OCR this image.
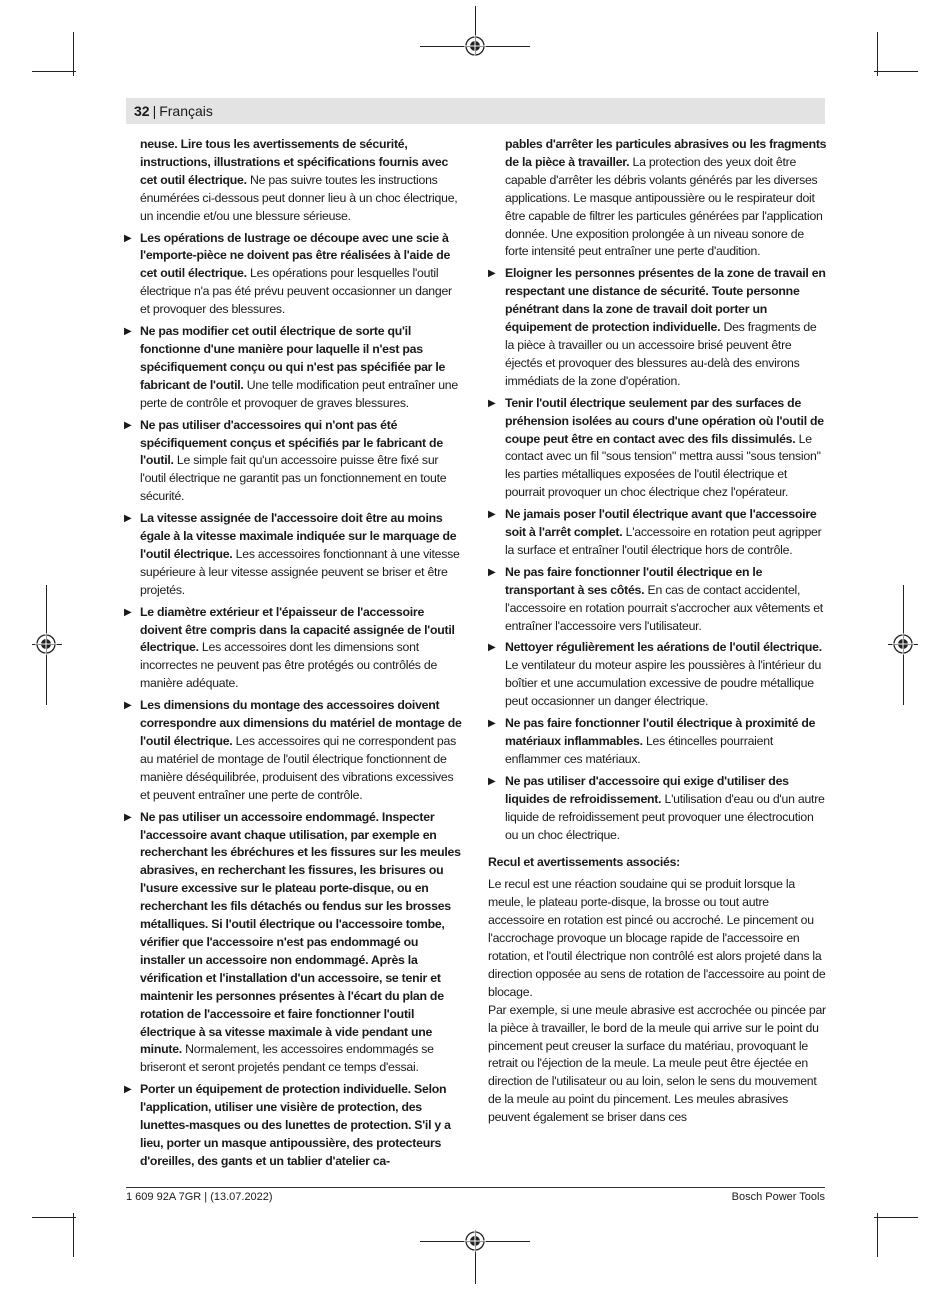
32 | Français
neuse. Lire tous les avertissements de sécurité, instructions, illustrations et spécifications fournis avec cet outil électrique. Ne pas suivre toutes les instructions énumérées ci-dessous peut donner lieu à un choc électrique, un incendie et/ou une blessure sérieuse.
▶ Les opérations de lustrage oe découpe avec une scie à l'emporte-pièce ne doivent pas être réalisées à l'aide de cet outil électrique. Les opérations pour lesquelles l'outil électrique n'a pas été prévu peuvent occasionner un danger et provoquer des blessures.
▶ Ne pas modifier cet outil électrique de sorte qu'il fonctionne d'une manière pour laquelle il n'est pas spécifiquement conçu ou qui n'est pas spécifiée par le fabricant de l'outil. Une telle modification peut entraîner une perte de contrôle et provoquer de graves blessures.
▶ Ne pas utiliser d'accessoires qui n'ont pas été spécifiquement conçus et spécifiés par le fabricant de l'outil. Le simple fait qu'un accessoire puisse être fixé sur l'outil électrique ne garantit pas un fonctionnement en toute sécurité.
▶ La vitesse assignée de l'accessoire doit être au moins égale à la vitesse maximale indiquée sur le marquage de l'outil électrique. Les accessoires fonctionnant à une vitesse supérieure à leur vitesse assignée peuvent se briser et être projetés.
▶ Le diamètre extérieur et l'épaisseur de l'accessoire doivent être compris dans la capacité assignée de l'outil électrique. Les accessoires dont les dimensions sont incorrectes ne peuvent pas être protégés ou contrôlés de manière adéquate.
▶ Les dimensions du montage des accessoires doivent correspondre aux dimensions du matériel de montage de l'outil électrique. Les accessoires qui ne correspondent pas au matériel de montage de l'outil électrique fonctionnent de manière déséquilibrée, produisent des vibrations excessives et peuvent entraîner une perte de contrôle.
▶ Ne pas utiliser un accessoire endommagé. Inspecter l'accessoire avant chaque utilisation, par exemple en recherchant les ébréchures et les fissures sur les meules abrasives, en recherchant les fissures, les brisures ou l'usure excessive sur le plateau porte-disque, ou en recherchant les fils détachés ou fendus sur les brosses métalliques. Si l'outil électrique ou l'accessoire tombe, vérifier que l'accessoire n'est pas endommagé ou installer un accessoire non endommagé. Après la vérification et l'installation d'un accessoire, se tenir et maintenir les personnes présentes à l'écart du plan de rotation de l'accessoire et faire fonctionner l'outil électrique à sa vitesse maximale à vide pendant une minute. Normalement, les accessoires endommagés se briseront et seront projetés pendant ce temps d'essai.
▶ Porter un équipement de protection individuelle. Selon l'application, utiliser une visière de protection, des lunettes-masques ou des lunettes de protection. S'il y a lieu, porter un masque antipoussière, des protecteurs d'oreilles, des gants et un tablier d'atelier ca-
pables d'arrêter les particules abrasives ou les fragments de la pièce à travailler. La protection des yeux doit être capable d'arrêter les débris volants générés par les diverses applications. Le masque antipoussière ou le respirateur doit être capable de filtrer les particules générées par l'application donnée. Une exposition prolongée à un niveau sonore de forte intensité peut entraîner une perte d'audition.
▶ Eloigner les personnes présentes de la zone de travail en respectant une distance de sécurité. Toute personne pénétrant dans la zone de travail doit porter un équipement de protection individuelle. Des fragments de la pièce à travailler ou un accessoire brisé peuvent être éjectés et provoquer des blessures au-delà des environs immédiats de la zone d'opération.
▶ Tenir l'outil électrique seulement par des surfaces de préhension isolées au cours d'une opération où l'outil de coupe peut être en contact avec des fils dissimulés. Le contact avec un fil "sous tension" mettra aussi "sous tension" les parties métalliques exposées de l'outil électrique et pourrait provoquer un choc électrique chez l'opérateur.
▶ Ne jamais poser l'outil électrique avant que l'accessoire soit à l'arrêt complet. L'accessoire en rotation peut agripper la surface et entraîner l'outil électrique hors de contrôle.
▶ Ne pas faire fonctionner l'outil électrique en le transportant à ses côtés. En cas de contact accidentel, l'accessoire en rotation pourrait s'accrocher aux vêtements et entraîner l'accessoire vers l'utilisateur.
▶ Nettoyer régulièrement les aérations de l'outil électrique. Le ventilateur du moteur aspire les poussières à l'intérieur du boîtier et une accumulation excessive de poudre métallique peut occasionner un danger électrique.
▶ Ne pas faire fonctionner l'outil électrique à proximité de matériaux inflammables. Les étincelles pourraient enflammer ces matériaux.
▶ Ne pas utiliser d'accessoire qui exige d'utiliser des liquides de refroidissement. L'utilisation d'eau ou d'un autre liquide de refroidissement peut provoquer une électrocution ou un choc électrique.
Recul et avertissements associés:

Le recul est une réaction soudaine qui se produit lorsque la meule, le plateau porte-disque, la brosse ou tout autre accessoire en rotation est pincé ou accroché. Le pincement ou l'accrochage provoque un blocage rapide de l'accessoire en rotation, et l'outil électrique non contrôlé est alors projeté dans la direction opposée au sens de rotation de l'accessoire au point de blocage.

Par exemple, si une meule abrasive est accrochée ou pincée par la pièce à travailler, le bord de la meule qui arrive sur le point du pincement peut creuser la surface du matériau, provoquant le retrait ou l'éjection de la meule. La meule peut être éjectée en direction de l'utilisateur ou au loin, selon le sens du mouvement de la meule au point du pincement. Les meules abrasives peuvent également se briser dans ces

1 609 92A 7GR | (13.07.2022)	Bosch Power Tools
